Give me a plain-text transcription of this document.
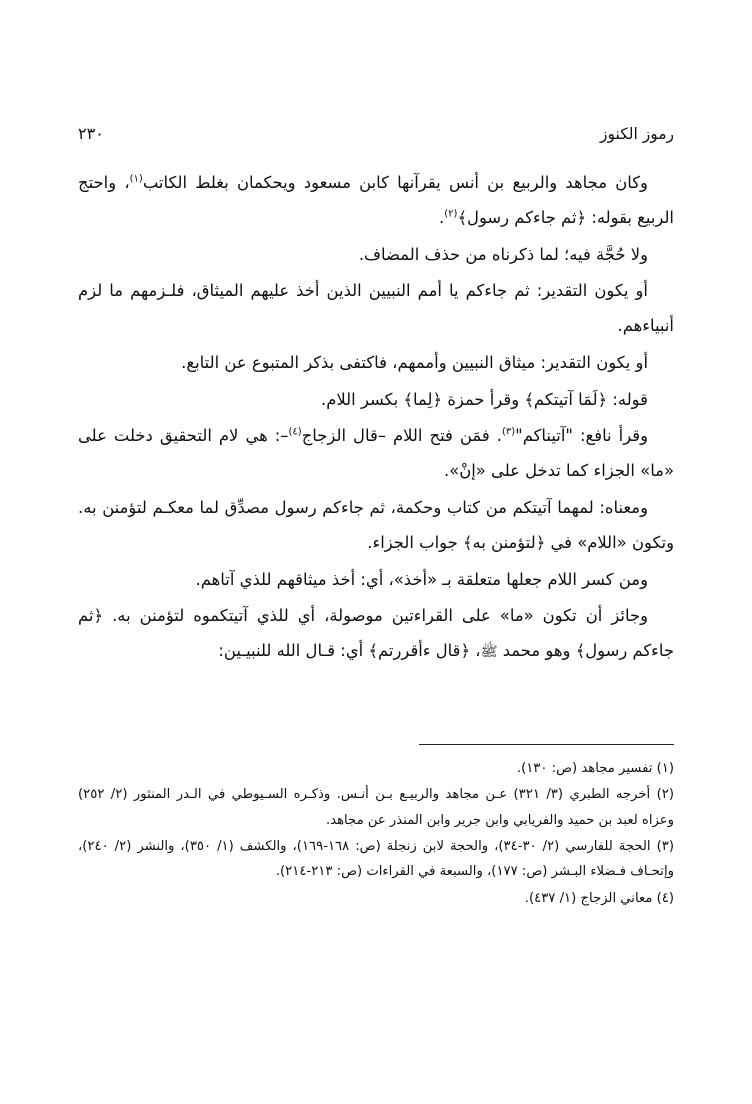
٢٣٠	رموز الكنوز

وكان مجاهد والربيع بن أنس يقرآنها كابن مسعود ويحكمان بغلط الكاتب$^{(١)}$، واحتج الربيع بقوله: ﴿ثم جاءكم رسول﴾$^{(٢)}$.

ولا حُجَّة فيه؛ لما ذكرناه من حذف المضاف.

أو يكون التقدير: ثم جاءكم يا أمم النبيين الذين أخذ عليهم الميثاق، فلـزمهم ما لزم أنبياءهم.

أو يكون التقدير: ميثاق النبيين وأممهم، فاكتفى بذكر المتبوع عن التابع.

قوله: ﴿لَمَا آتيتكم﴾ وقرأ حمزة ﴿لِما﴾ بكسر اللام.

وقرأ نافع: "آتيناكم"$^{(٣)}$. فمَن فتح اللام –قال الزجاج$^{(٤)}$–: هي لام التحقيق دخلت على «ما» الجزاء كما تدخل على «إنْ».

ومعناه: لمهما آتيتكم من كتاب وحكمة، ثم جاءكم رسول مصدِّق لما معكـم لتؤمنن به. وتكون «اللام» في ﴿لتؤمنن به﴾ جواب الجزاء.

ومن كسر اللام جعلها متعلقة بـ «أخذ»، أي: أخذ ميثاقهم للذي آتاهم.

وجائز أن تكون «ما» على القراءتين موصولة، أي للذي آتيتكموه لتؤمنن به. ﴿ثم جاءكم رسول﴾ وهو محمد ﷺ، ﴿قال ءأقررتم﴾ أي: قـال الله للنبيـين:

(١) تفسير مجاهد (ص: ١٣٠).

(٢) أخرجه الطبري (٣/ ٣٢١) عـن مجاهد والربيـع بـن أنـس. وذكـره السـيوطي في الـدر المنثور (٢/ ٢٥٢) وعزاه لعبد بن حميد والفريابي وابن جرير وابن المنذر عن مجاهد.

(٣) الحجة للفارسي (٢/ ٣٠-٣٤)، والحجة لابن زنجلة (ص: ١٦٨-١٦٩)، والكشف (١/ ٣٥٠)، والنشر (٢/ ٢٤٠)، وإتحـاف فـضلاء البـشر (ص: ١٧٧)، والسبعة في القراءات (ص: ٢١٣-٢١٤).

(٤) معاني الزجاج (١/ ٤٣٧).
